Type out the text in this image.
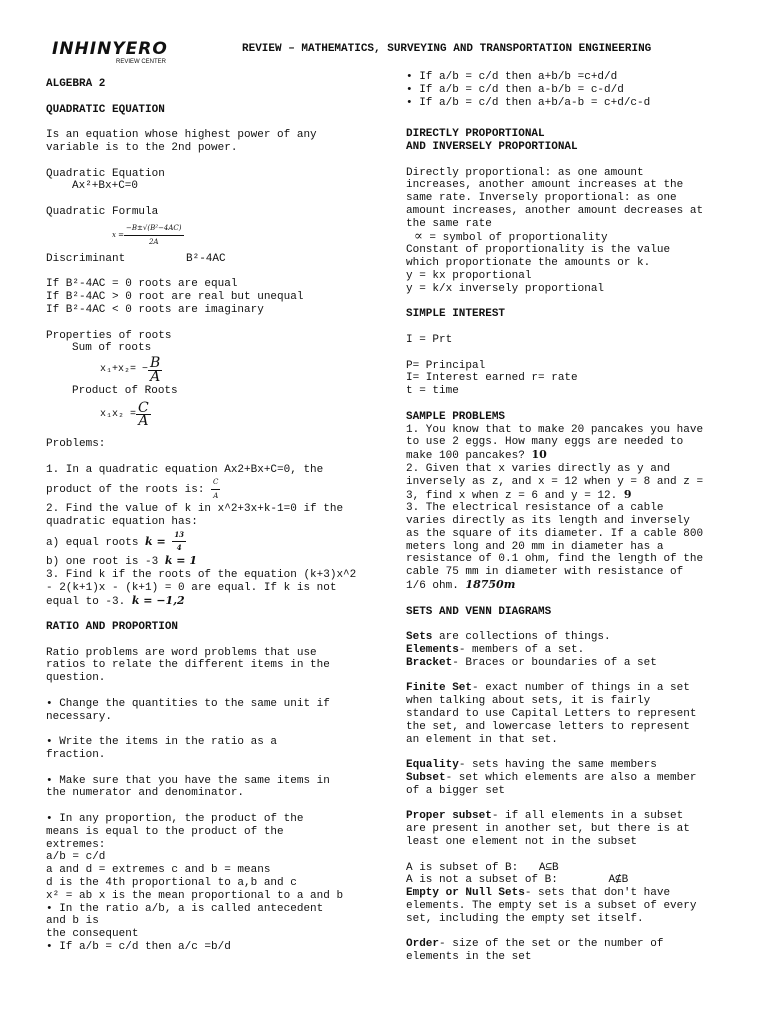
INHINYERO
REVIEW CENTER
REVIEW – MATHEMATICS, SURVEYING AND TRANSPORTATION ENGINEERING

ALGEBRA 2

QUADRATIC EQUATION

Is an equation whose highest power of any

variable is to the 2nd power.

Quadratic Equation

Ax²+Bx+C=0

Quadratic Formula

$x = \frac{\text{−B±√(B²−4AC)}}{2A}$
Discriminant	B²-4AC

If B²-4AC = 0 roots are equal

If B²-4AC > 0 root are real but unequal

If B²-4AC < 0 roots are imaginary

Properties of roots

Sum of roots

$x_1+x_2= - \frac{B}{A}$

Product of Roots

$x_1x_2 = \frac{C}{A}$

Problems:

1. In a quadratic equation Ax2+Bx+C=0, the

product of the roots is: $\frac{C}{A}$

2. Find the value of k in x^2+3x+k-1=0 if the

quadratic equation has:

a) equal roots $k = \frac{13}{4}$

b) one root is -3 k = 1

3. Find k if the roots of the equation (k+3)x^2

- 2(k+1)x - (k+1) = 0 are equal. If k is not

equal to -3. k = −1,2

RATIO AND PROPORTION

Ratio problems are word problems that use

ratios to relate the different items in the

question.

• Change the quantities to the same unit if

necessary.

• Write the items in the ratio as a

fraction.

• Make sure that you have the same items in

the numerator and denominator.

• In any proportion, the product of the

means is equal to the product of the

extremes:

a/b = c/d

a and d = extremes c and b = means

d is the 4th proportional to a,b and c

x² = ab x is the mean proportional to a and b

• In the ratio a/b, a is called antecedent

and b is

the consequent

• If a/b = c/d then a/c =b/d

• If a/b = c/d then a+b/b =c+d/d

• If a/b = c/d then a-b/b = c-d/d

• If a/b = c/d then a+b/a-b = c+d/c-d

DIRECTLY PROPORTIONAL

AND INVERSELY PROPORTIONAL

Directly proportional: as one amount

increases, another amount increases at the

same rate. Inversely proportional: as one

amount increases, another amount decreases at

the same rate

∝ = symbol of proportionality

Constant of proportionality is the value

which proportionate the amounts or k.

y = kx proportional

y = k/x inversely proportional

SIMPLE INTEREST

I = Prt

P= Principal

I= Interest earned r= rate

t = time

SAMPLE PROBLEMS

1. You know that to make 20 pancakes you have

to use 2 eggs. How many eggs are needed to

make 100 pancakes? 10

2. Given that x varies directly as y and

inversely as z, and x = 12 when y = 8 and z =

3, find x when z = 6 and y = 12. 9

3. The electrical resistance of a cable

varies directly as its length and inversely

as the square of its diameter. If a cable 800

meters long and 20 mm in diameter has a

resistance of 0.1 ohm, find the length of the

cable 75 mm in diameter with resistance of

1/6 ohm. 18750m

SETS AND VENN DIAGRAMS

Sets are collections of things.

Elements- members of a set.

Bracket- Braces or boundaries of a set

Finite Set- exact number of things in a set

when talking about sets, it is fairly

standard to use Capital Letters to represent

the set, and lowercase letters to represent

an element in that set.

Equality- sets having the same members

Subset- set which elements are also a member

of a bigger set

Proper subset- if all elements in a subset

are present in another set, but there is at

least one element not in the subset

A is subset of B: A⊆B

A is not a subset of B:	A⊈B

Empty or Null Sets- sets that don't have

elements. The empty set is a subset of every

set, including the empty set itself.

Order- size of the set or the number of

elements in the set
